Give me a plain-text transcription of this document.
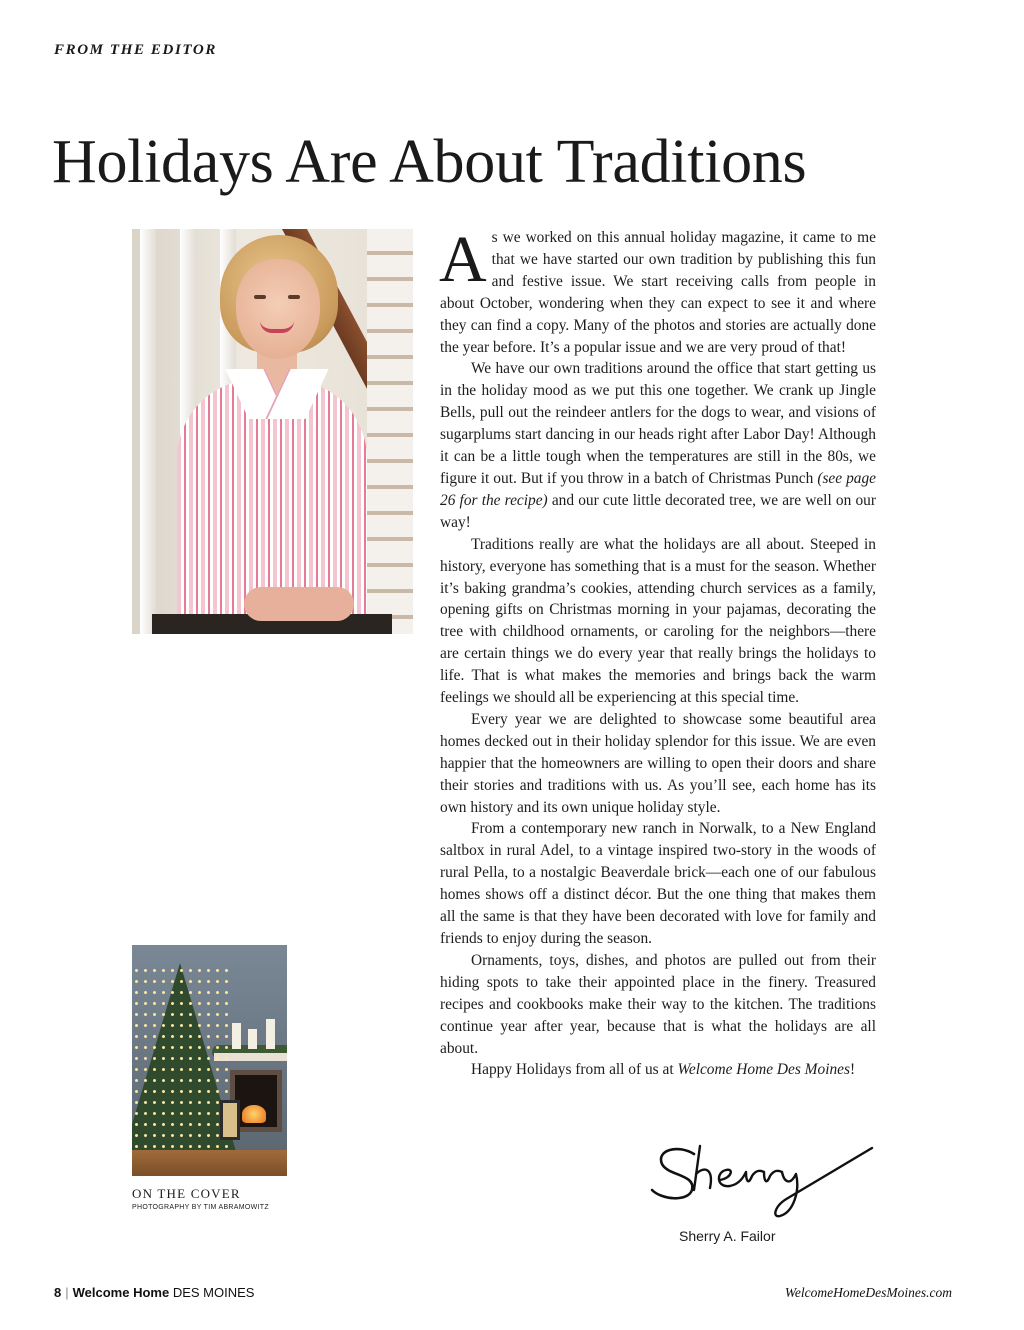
FROM THE EDITOR
Holidays Are About Traditions

As we worked on this annual holiday magazine, it came to me that we have started our own tradition by publishing this fun and festive issue. We start receiving calls from people in about October, wondering when they can expect to see it and where they can find a copy. Many of the photos and stories are actually done the year before. It’s a popular issue and we are very proud of that!

We have our own traditions around the office that start getting us in the holiday mood as we put this one together. We crank up Jingle Bells, pull out the reindeer antlers for the dogs to wear, and visions of sugarplums start dancing in our heads right after Labor Day! Although it can be a little tough when the temperatures are still in the 80s, we figure it out. But if you throw in a batch of Christmas Punch (see page 26 for the recipe) and our cute little decorated tree, we are well on our way!

Traditions really are what the holidays are all about. Steeped in history, everyone has something that is a must for the season. Whether it’s baking grandma’s cookies, attending church services as a family, opening gifts on Christmas morning in your pajamas, decorating the tree with childhood ornaments, or caroling for the neighbors—there are certain things we do every year that really brings the holidays to life. That is what makes the memories and brings back the warm feelings we should all be experiencing at this special time.

Every year we are delighted to showcase some beautiful area homes decked out in their holiday splendor for this issue. We are even happier that the homeowners are willing to open their doors and share their stories and traditions with us. As you’ll see, each home has its own history and its own unique holiday style.

From a contemporary new ranch in Norwalk, to a New England saltbox in rural Adel, to a vintage inspired two-story in the woods of rural Pella, to a nostalgic Beaverdale brick—each one of our fabulous homes shows off a distinct décor. But the one thing that makes them all the same is that they have been decorated with love for family and friends to enjoy during the season.

Ornaments, toys, dishes, and photos are pulled out from their hiding spots to take their appointed place in the finery. Treasured recipes and cookbooks make their way to the kitchen. The traditions continue year after year, because that is what the holidays are all about.

Happy Holidays from all of us at Welcome Home Des Moines!

Sherry A. Failor
ON THE COVER
PHOTOGRAPHY BY TIM ABRAMOWITZ
8 | Welcome Home DES MOINES	WelcomeHomeDesMoines.com
